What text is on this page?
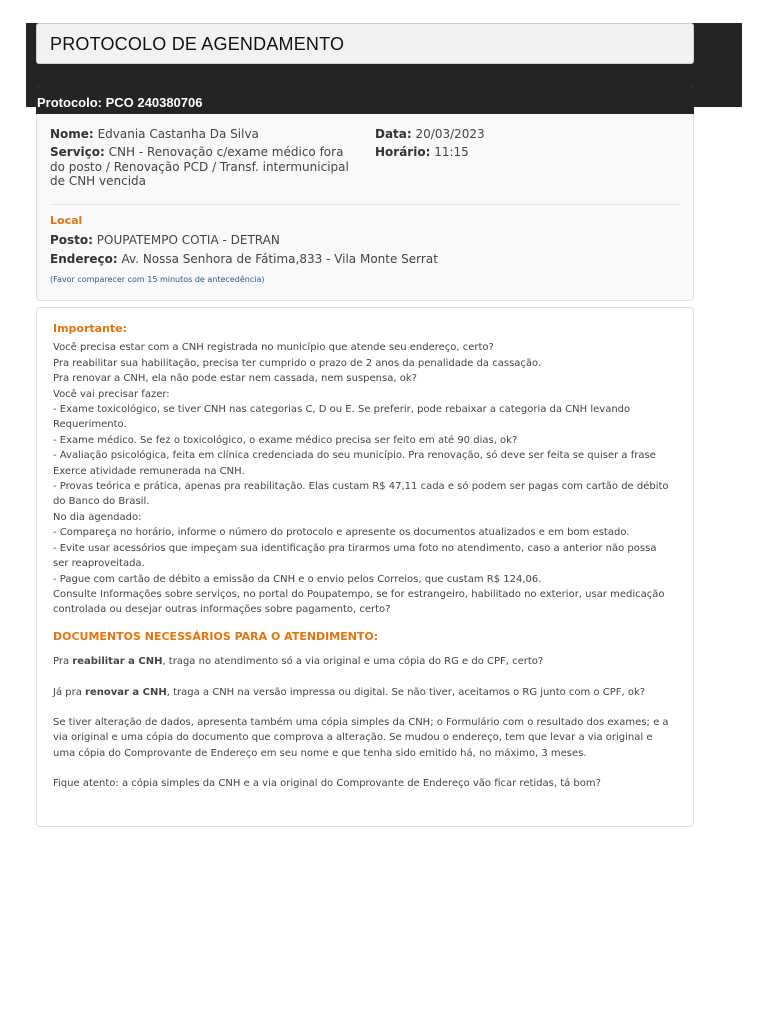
PROTOCOLO DE AGENDAMENTO
Protocolo: PCO 240380706
Nome: Edvania Castanha Da Silva
Serviço: CNH - Renovação c/exame médico fora do posto / Renovação PCD / Transf. intermunicipal de CNH vencida
Data: 20/03/2023
Horário: 11:15
Local
Posto: POUPATEMPO COTIA - DETRAN
Endereço: Av. Nossa Senhora de Fátima,833 - Vila Monte Serrat
(Favor comparecer com 15 minutos de antecedência)
Importante:
Você precisa estar com a CNH registrada no município que atende seu endereço, certo?
Pra reabilitar sua habilitação, precisa ter cumprido o prazo de 2 anos da penalidade da cassação.
Pra renovar a CNH, ela não pode estar nem cassada, nem suspensa, ok?
Você vai precisar fazer:
- Exame toxicológico, se tiver CNH nas categorias C, D ou E. Se preferir, pode rebaixar a categoria da CNH levando Requerimento.
- Exame médico. Se fez o toxicológico, o exame médico precisa ser feito em até 90 dias, ok?
- Avaliação psicológica, feita em clínica credenciada do seu município. Pra renovação, só deve ser feita se quiser a frase Exerce atividade remunerada na CNH.
- Provas teórica e prática, apenas pra reabilitação. Elas custam R$ 47,11 cada e só podem ser pagas com cartão de débito do Banco do Brasil.
No dia agendado:
- Compareça no horário, informe o número do protocolo e apresente os documentos atualizados e em bom estado.
- Evite usar acessórios que impeçam sua identificação pra tirarmos uma foto no atendimento, caso a anterior não possa ser reaproveitada.
- Pague com cartão de débito a emissão da CNH e o envio pelos Correios, que custam R$ 124,06.
Consulte Informações sobre serviços, no portal do Poupatempo, se for estrangeiro, habilitado no exterior, usar medicação controlada ou desejar outras informações sobre pagamento, certo?
DOCUMENTOS NECESSÁRIOS PARA O ATENDIMENTO:

Pra reabilitar a CNH, traga no atendimento só a via original e uma cópia do RG e do CPF, certo?

Já pra renovar a CNH, traga a CNH na versão impressa ou digital. Se não tiver, aceitamos o RG junto com o CPF, ok?

Se tiver alteração de dados, apresenta também uma cópia simples da CNH; o Formulário com o resultado dos exames; e a via original e uma cópia do documento que comprova a alteração. Se mudou o endereço, tem que levar a via original e uma cópia do Comprovante de Endereço em seu nome e que tenha sido emitido há, no máximo, 3 meses.

Fique atento: a cópia simples da CNH e a via original do Comprovante de Endereço vão ficar retidas, tá bom?
